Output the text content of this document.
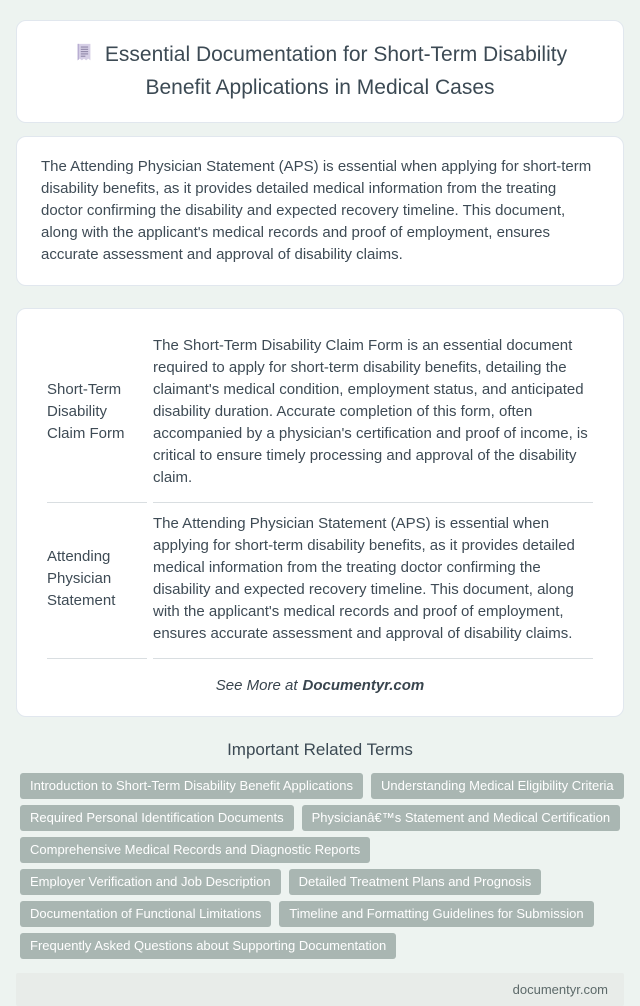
Essential Documentation for Short-Term Disability Benefit Applications in Medical Cases

The Attending Physician Statement (APS) is essential when applying for short-term disability benefits, as it provides detailed medical information from the treating doctor confirming the disability and expected recovery timeline. This document, along with the applicant's medical records and proof of employment, ensures accurate assessment and approval of disability claims.

Short-Term Disability Claim Form	The Short-Term Disability Claim Form is an essential document required to apply for short-term disability benefits, detailing the claimant's medical condition, employment status, and anticipated disability duration. Accurate completion of this form, often accompanied by a physician's certification and proof of income, is critical to ensure timely processing and approval of the disability claim.
Attending Physician Statement	The Attending Physician Statement (APS) is essential when applying for short-term disability benefits, as it provides detailed medical information from the treating doctor confirming the disability and expected recovery timeline. This document, along with the applicant's medical records and proof of employment, ensures accurate assessment and approval of disability claims.

See More at Documentyr.com

Important Related Terms
Introduction to Short-Term Disability Benefit Applications	Understanding Medical Eligibility Criteria
Required Personal Identification Documents	Physicianâ€™s Statement and Medical Certification
Comprehensive Medical Records and Diagnostic Reports
Employer Verification and Job Description	Detailed Treatment Plans and Prognosis
Documentation of Functional Limitations	Timeline and Formatting Guidelines for Submission
Frequently Asked Questions about Supporting Documentation
documentyr.com
